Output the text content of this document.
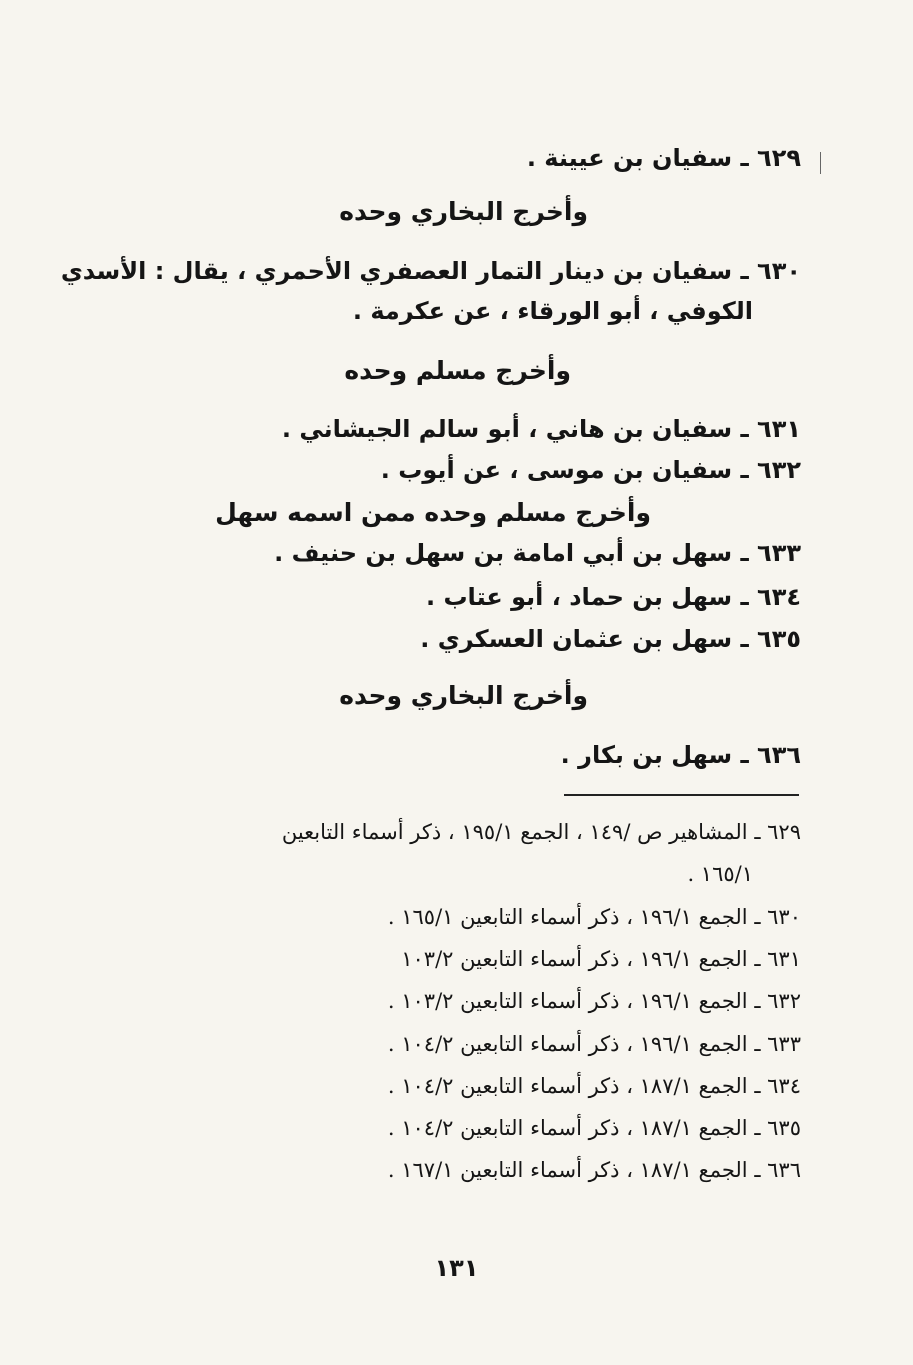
٦٢٩ ـ سفيان بن عيينة .
وأخرج البخاري وحده
٦٣٠ ـ سفيان بن دينار التمار العصفري الأحمري ، يقال : الأسدي
الكوفي ، أبو الورقاء ، عن عكرمة .
وأخرج مسلم وحده
٦٣١ ـ سفيان بن هاني ، أبو سالم الجيشاني .
٦٣٢ ـ سفيان بن موسى ، عن أيوب .
وأخرج مسلم وحده ممن اسمه سهل
٦٣٣ ـ سهل بن أبي امامة بن سهل بن حنيف .
٦٣٤ ـ سهل بن حماد ، أبو عتاب .
٦٣٥ ـ سهل بن عثمان العسكري .
وأخرج البخاري وحده
٦٣٦ ـ سهل بن بكار .
٦٢٩ ـ المشاهير ص /١٤٩ ، الجمع ١٩٥/١ ، ذكر أسماء التابعين
١٦٥/١ .
٦٣٠ ـ الجمع ١٩٦/١ ، ذكر أسماء التابعين ١٦٥/١ .
٦٣١ ـ الجمع ١٩٦/١ ، ذكر أسماء التابعين ١٠٣/٢
٦٣٢ ـ الجمع ١٩٦/١ ، ذكر أسماء التابعين ١٠٣/٢ .
٦٣٣ ـ الجمع ١٩٦/١ ، ذكر أسماء التابعين ١٠٤/٢ .
٦٣٤ ـ الجمع ١٨٧/١ ، ذكر أسماء التابعين ١٠٤/٢ .
٦٣٥ ـ الجمع ١٨٧/١ ، ذكر أسماء التابعين ١٠٤/٢ .
٦٣٦ ـ الجمع ١٨٧/١ ، ذكر أسماء التابعين ١٦٧/١ .
١٣١
